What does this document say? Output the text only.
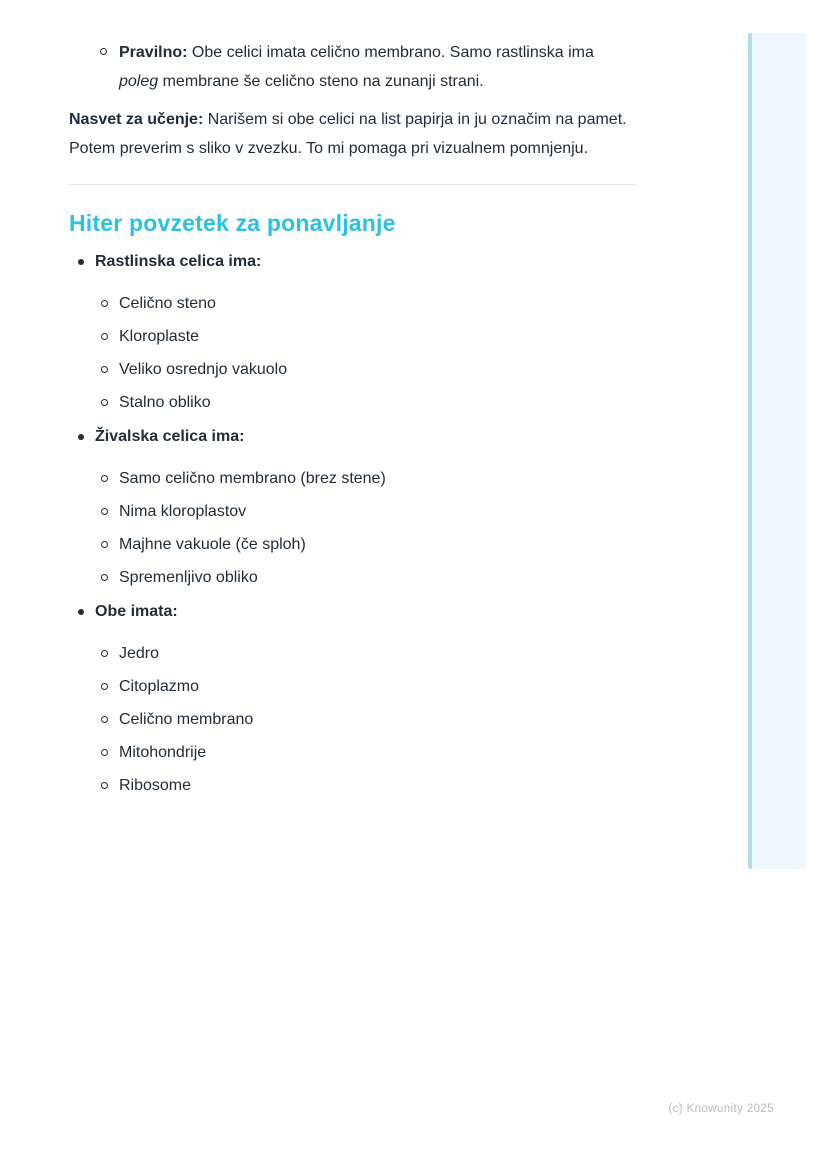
Pravilno: Obe celici imata celično membrano. Samo rastlinska ima poleg membrane še celično steno na zunanji strani.
Nasvet za učenje: Narišem si obe celici na list papirja in ju označim na pamet. Potem preverim s sliko v zvezku. To mi pomaga pri vizualnem pomnjenju.
Hiter povzetek za ponavljanje
Rastlinska celica ima:
Celično steno
Kloroplaste
Veliko osrednjo vakuolo
Stalno obliko
Živalska celica ima:
Samo celično membrano (brez stene)
Nima kloroplastov
Majhne vakuole (če sploh)
Spremenljivo obliko
Obe imata:
Jedro
Citoplazmo
Celično membrano
Mitohondrije
Ribosome
(c) Knowunity 2025
